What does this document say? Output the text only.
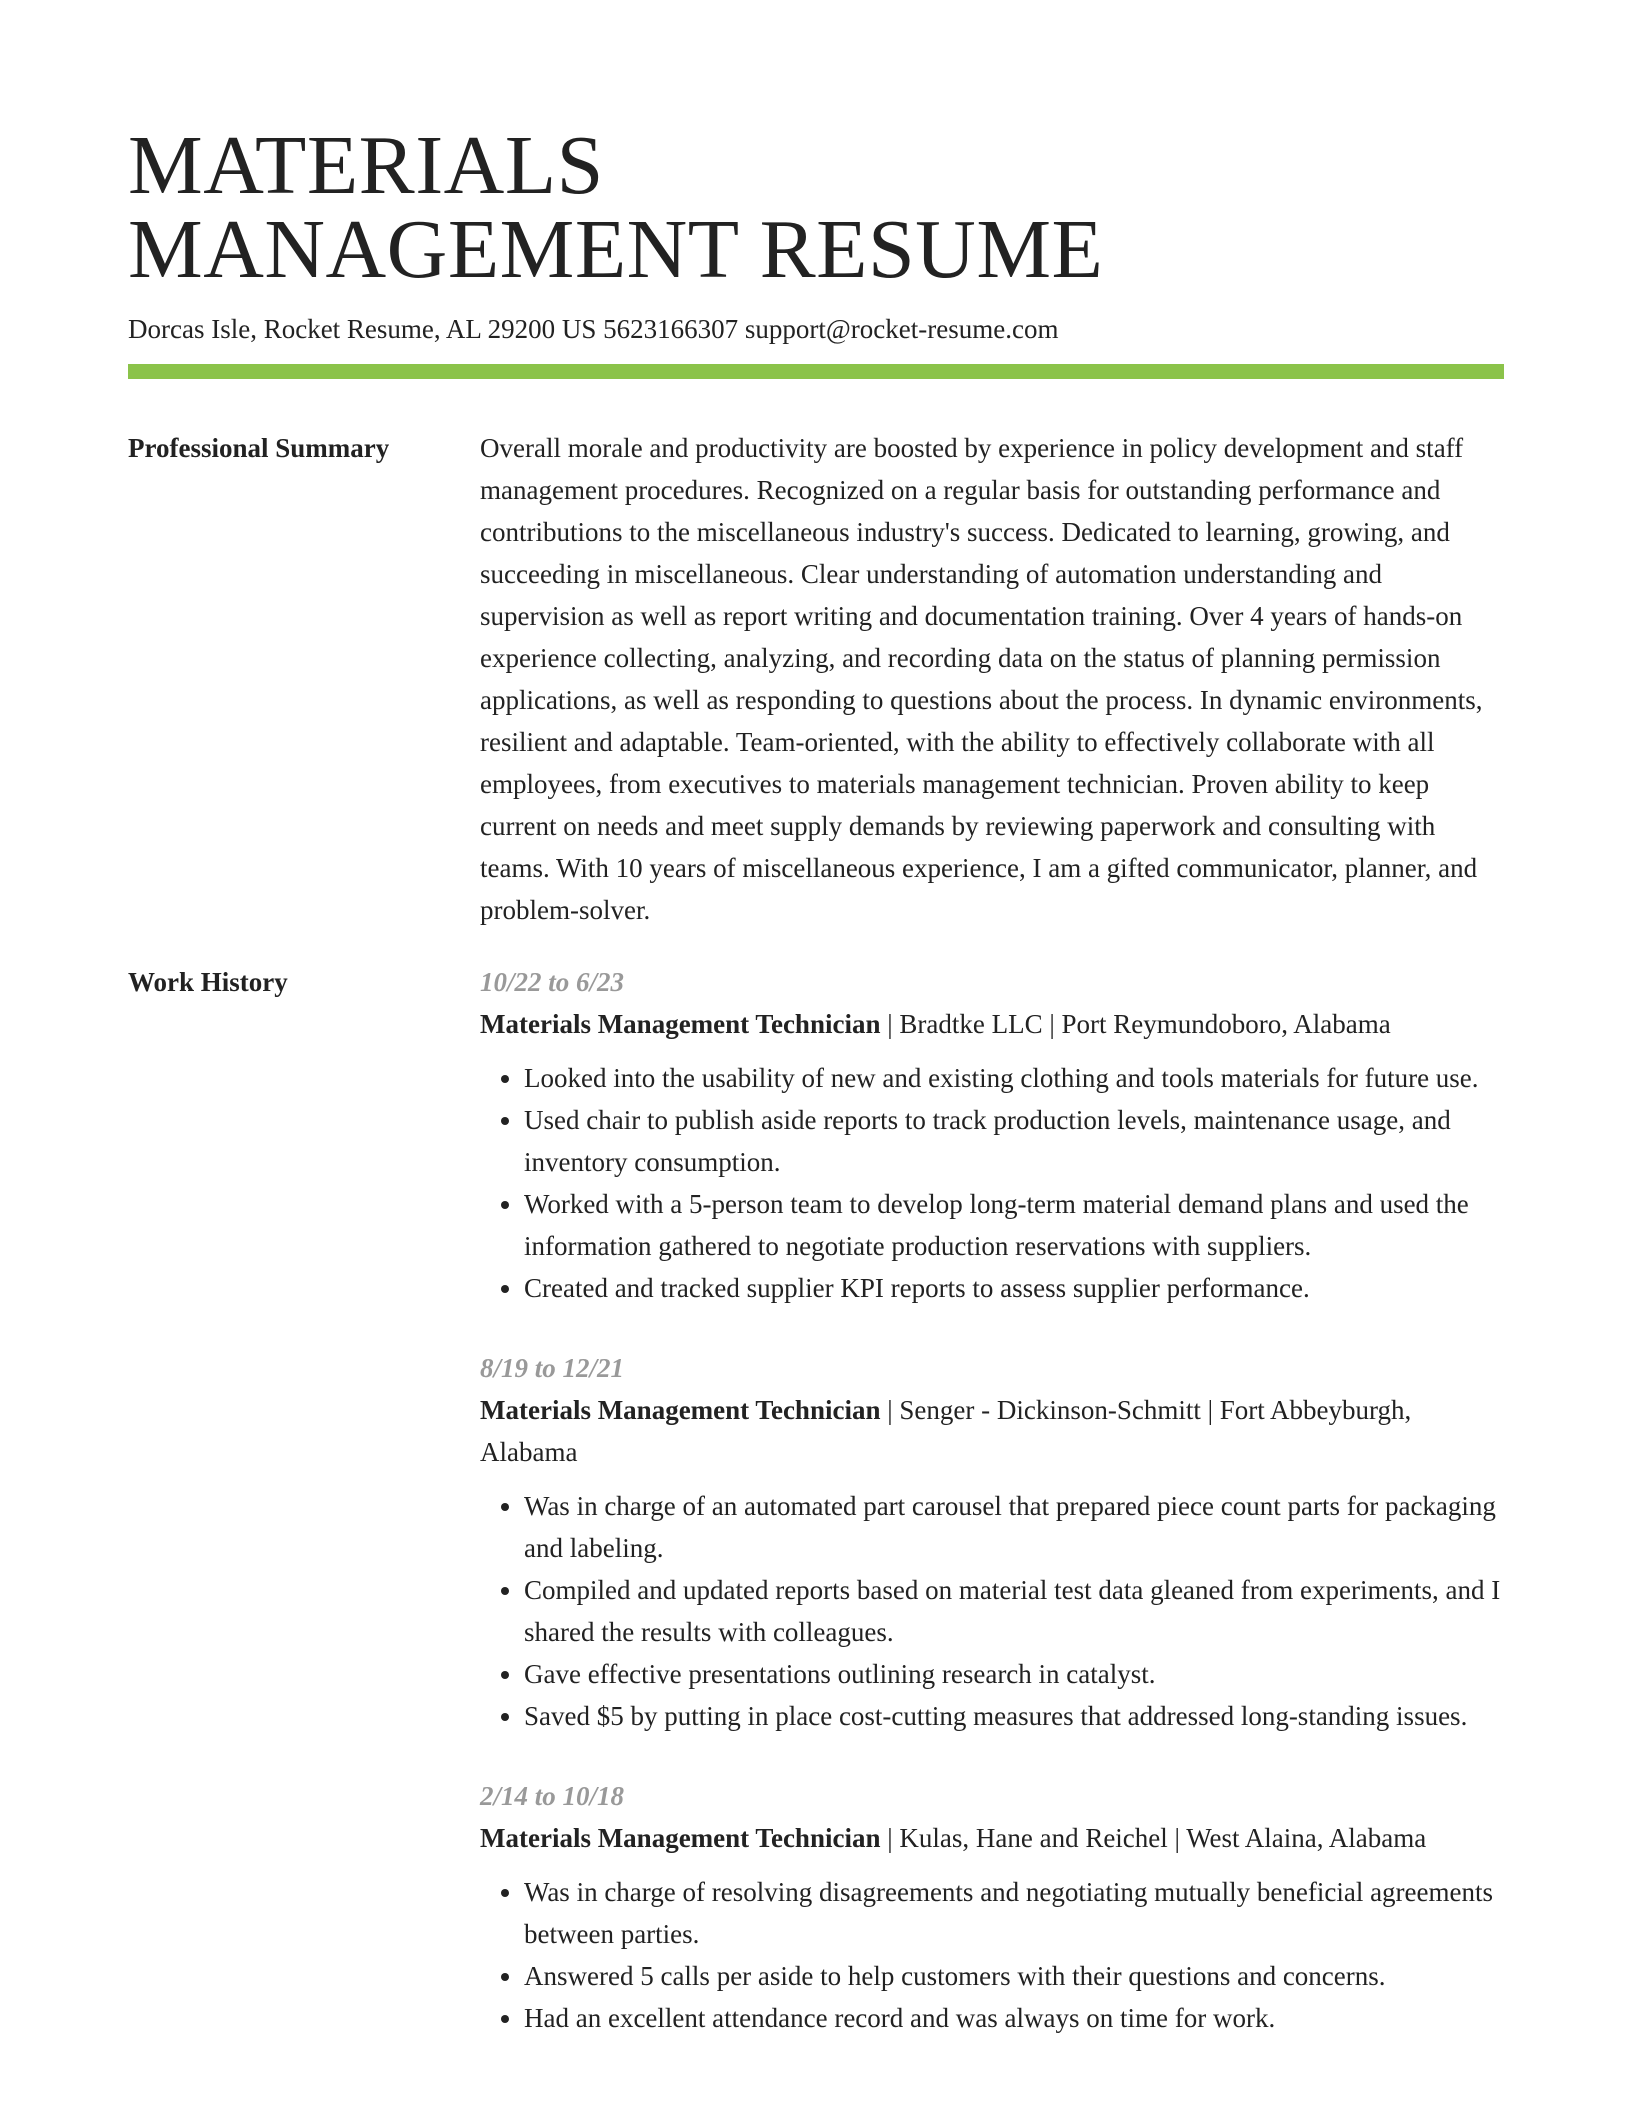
MATERIALS
MANAGEMENT RESUME
Dorcas Isle, Rocket Resume, AL 29200 US 5623166307 support@rocket-resume.com
Professional Summary	Overall morale and productivity are boosted by experience in policy development and staff management procedures. Recognized on a regular basis for outstanding performance and contributions to the miscellaneous industry's success. Dedicated to learning, growing, and succeeding in miscellaneous. Clear understanding of automation understanding and supervision as well as report writing and documentation training. Over 4 years of hands-on experience collecting, analyzing, and recording data on the status of planning permission applications, as well as responding to questions about the process. In dynamic environments, resilient and adaptable. Team-oriented, with the ability to effectively collaborate with all employees, from executives to materials management technician. Proven ability to keep current on needs and meet supply demands by reviewing paperwork and consulting with teams. With 10 years of miscellaneous experience, I am a gifted communicator, planner, and problem-solver.
Work History	10/22 to 6/23
Materials Management Technician | Bradtke LLC | Port Reymundoboro, Alabama
• Looked into the usability of new and existing clothing and tools materials for future use.
• Used chair to publish aside reports to track production levels, maintenance usage, and inventory consumption.
• Worked with a 5-person team to develop long-term material demand plans and used the information gathered to negotiate production reservations with suppliers.
• Created and tracked supplier KPI reports to assess supplier performance.
8/19 to 12/21
Materials Management Technician | Senger - Dickinson-Schmitt | Fort Abbeyburgh, Alabama
• Was in charge of an automated part carousel that prepared piece count parts for packaging and labeling.
• Compiled and updated reports based on material test data gleaned from experiments, and I shared the results with colleagues.
• Gave effective presentations outlining research in catalyst.
• Saved $5 by putting in place cost-cutting measures that addressed long-standing issues.
2/14 to 10/18
Materials Management Technician | Kulas, Hane and Reichel | West Alaina, Alabama
• Was in charge of resolving disagreements and negotiating mutually beneficial agreements between parties.
• Answered 5 calls per aside to help customers with their questions and concerns.
• Had an excellent attendance record and was always on time for work.
